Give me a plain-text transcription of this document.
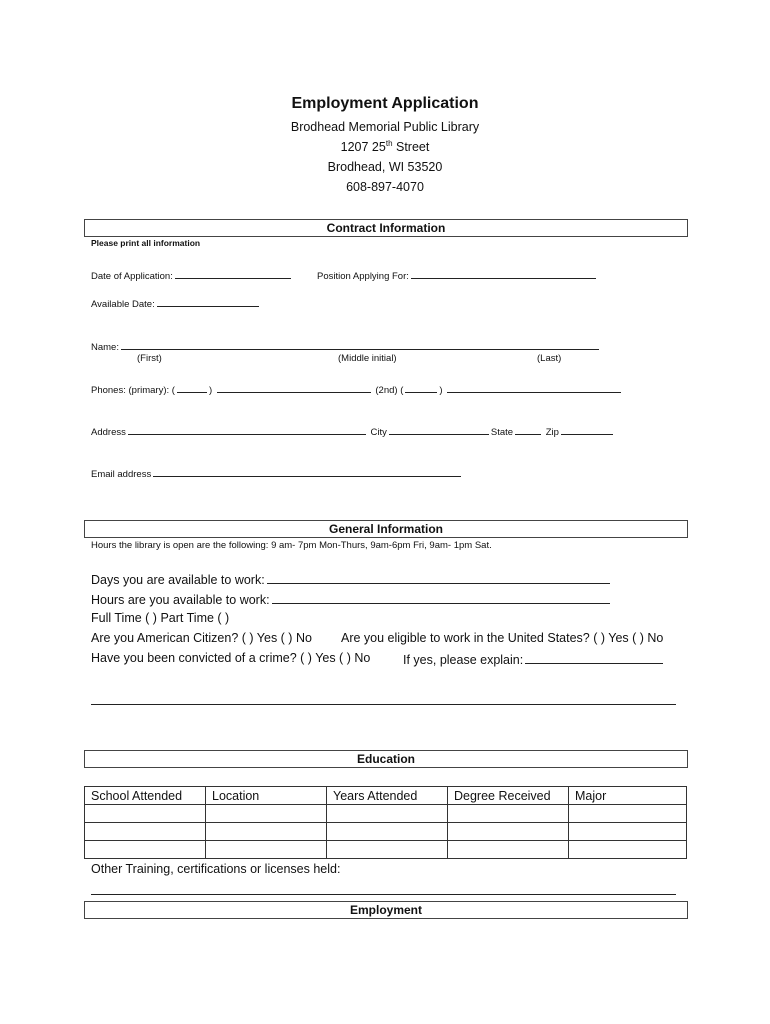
Employment Application
Brodhead Memorial Public Library
1207 25th Street
Brodhead, WI 53520
608-897-4070
Contract Information
Please print all information
Date of Application:	Position Applying For:
Available Date:
Name:
(First)	(Middle initial)	(Last)
Phones: (primary): (	)	(2nd) (	)
Address	City	State	Zip
Email address
General Information
Hours the library is open are the following: 9 am- 7pm Mon-Thurs, 9am-6pm Fri, 9am- 1pm Sat.
Days you are available to work:
Hours are you available to work:
Full Time ( ) Part Time ( )
Are you American Citizen? ( ) Yes ( ) No Are you eligible to work in the United States? ( ) Yes ( ) No
Have you been convicted of a crime? ( ) Yes ( ) No	If yes, please explain:
Education
School Attended	Location	Years Attended	Degree Received	Major

Other Training, certifications or licenses held:
Employment
